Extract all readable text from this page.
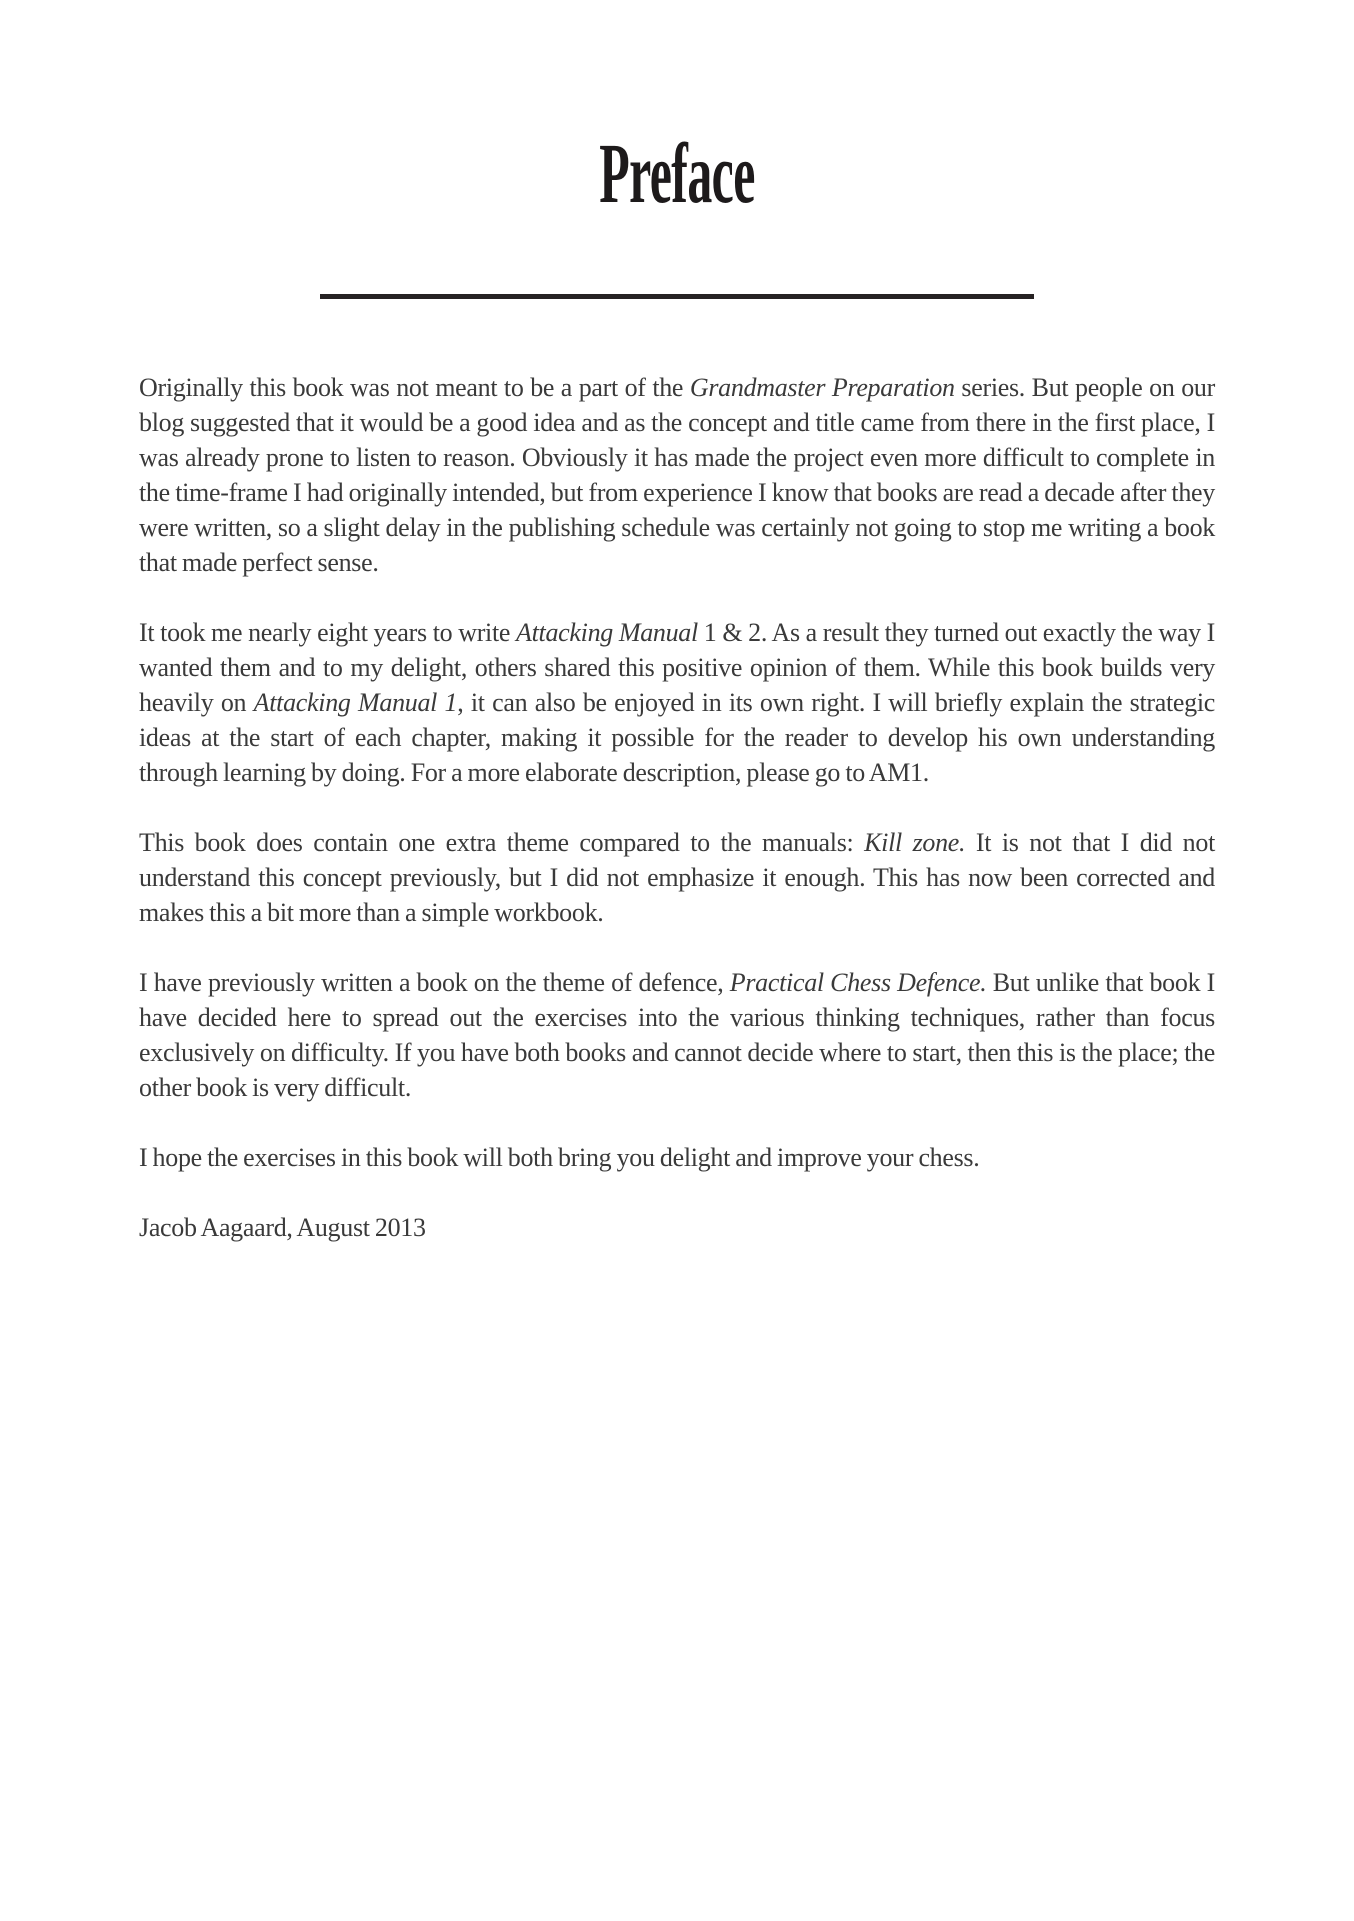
Preface

Originally this book was not meant to be a part of the Grandmaster Preparation series. But people on our blog suggested that it would be a good idea and as the concept and title came from there in the first place, I was already prone to listen to reason. Obviously it has made the project even more difficult to complete in the time-frame I had originally intended, but from experience I know that books are read a decade after they were written, so a slight delay in the publishing schedule was certainly not going to stop me writing a book that made perfect sense.

It took me nearly eight years to write Attacking Manual 1 & 2. As a result they turned out exactly the way I wanted them and to my delight, others shared this positive opinion of them. While this book builds very heavily on Attacking Manual 1, it can also be enjoyed in its own right. I will briefly explain the strategic ideas at the start of each chapter, making it possible for the reader to develop his own understanding through learning by doing. For a more elaborate description, please go to AM1.

This book does contain one extra theme compared to the manuals: Kill zone. It is not that I did not understand this concept previously, but I did not emphasize it enough. This has now been corrected and makes this a bit more than a simple workbook.

I have previously written a book on the theme of defence, Practical Chess Defence. But unlike that book I have decided here to spread out the exercises into the various thinking techniques, rather than focus exclusively on difficulty. If you have both books and cannot decide where to start, then this is the place; the other book is very difficult.

I hope the exercises in this book will both bring you delight and improve your chess.

Jacob Aagaard, August 2013
